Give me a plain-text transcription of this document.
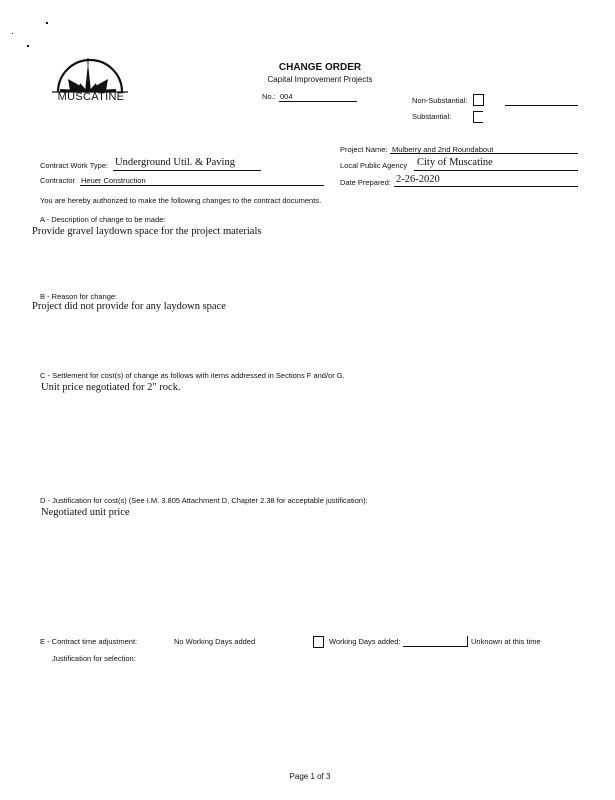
MUSCATINE
CHANGE ORDER
Capital Improvement Projects
No.: 004	Non-Substantial:
Substantial:
Project Name: Mulberry and 2nd Roundabout
Local Public Agency City of Muscatine
Date Prepared: 2-26-2020
Contract Work Type: Underground Util. & Paving
Contractor Heuer Construction
You are hereby authorized to make the following changes to the contract documents.
A - Description of change to be made:
Provide gravel laydown space for the project materials
B - Reason for change:
Project did not provide for any laydown space
C - Settlement for cost(s) of change as follows with items addressed in Sections F and/or G.
Unit price negotiated for 2" rock.
D - Justification for cost(s) (See I.M. 3.805 Attachment D, Chapter 2.38 for acceptable justification):
Negotiated unit price
E - Contract time adjustment:	No Working Days added	Working Days added:	Unknown at this time
Justification for selection:
Page 1 of 3
